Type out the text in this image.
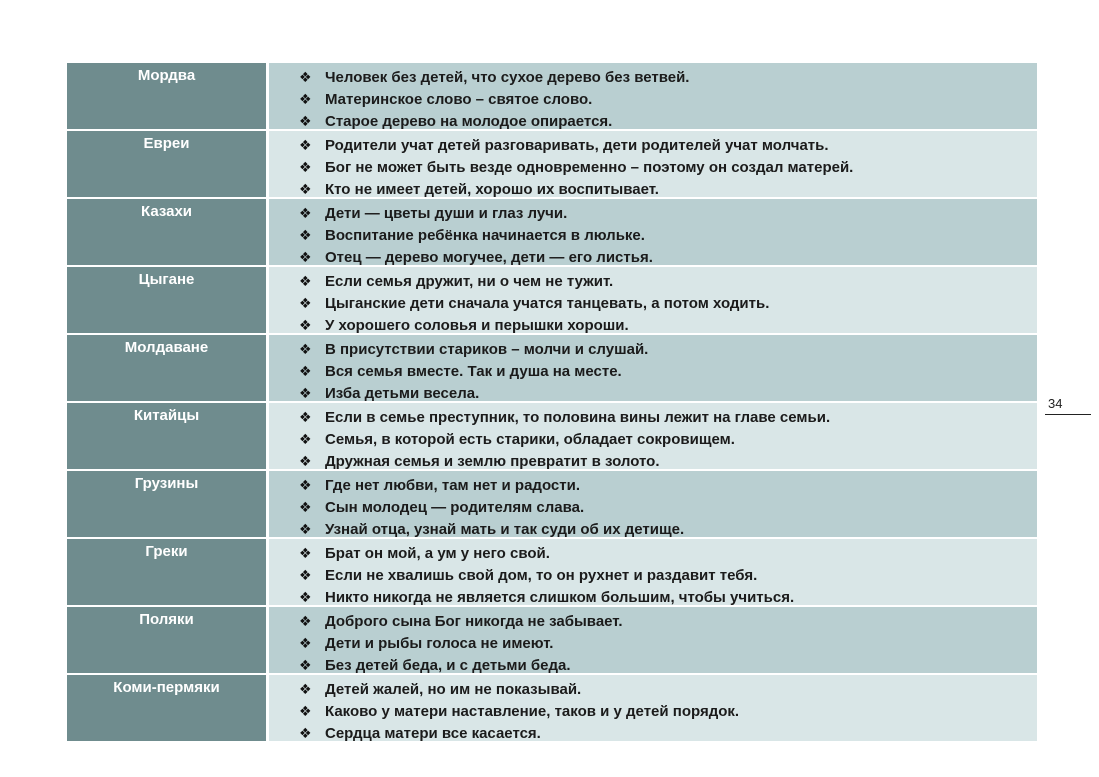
Мордва	❖ Человек без детей, что сухое дерево без ветвей.
❖ Материнское слово – святое слово.
❖ Старое дерево на молодое опирается.

Евреи	❖ Родители учат детей разговаривать, дети родителей учат молчать.
❖ Бог не может быть везде одновременно – поэтому он создал матерей.
❖ Кто не имеет детей, хорошо их воспитывает.

Казахи	❖ Дети — цветы души и глаз лучи.
❖ Воспитание ребёнка начинается в люльке.
❖ Отец — дерево могучее, дети — его листья.

Цыгане	❖ Если семья дружит, ни о чем не тужит.
❖ Цыганские дети сначала учатся танцевать, а потом ходить.
❖ У хорошего соловья и перышки хороши.

Молдаване	❖ В присутствии стариков – молчи и слушай.
❖ Вся семья вместе. Так и душа на месте.
❖ Изба детьми весела.

Китайцы	❖ Если в семье преступник, то половина вины лежит на главе семьи.
❖ Семья, в которой есть старики, обладает сокровищем.
❖ Дружная семья и землю превратит в золото.

Грузины	❖ Где нет любви, там нет и радости.
❖ Сын молодец — родителям слава.
❖ Узнай отца, узнай мать и так суди об их детище.

Греки	❖ Брат он мой, а ум у него свой.
❖ Если не хвалишь свой дом, то он рухнет и раздавит тебя.
❖ Никто никогда не является слишком большим, чтобы учиться.

Поляки	❖ Доброго сына Бог никогда не забывает.
❖ Дети и рыбы голоса не имеют.
❖ Без детей беда, и с детьми беда.

Коми-пермяки	❖ Детей жалей, но им не показывай.
❖ Каково у матери наставление, таков и у детей порядок.
❖ Сердца матери все касается.
34
